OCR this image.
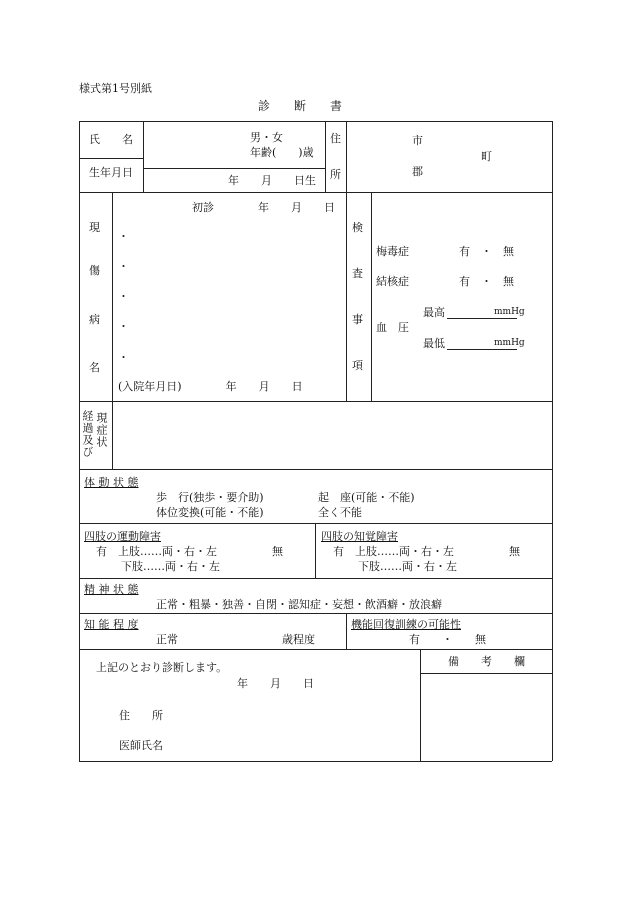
様式第1号別紙
診　　断　　書
氏　　名
生年月日
男・女
年齢(　　)歳
年　　月　　日生
住
所
市
町
郡
現
傷
病
名
初診　　　　年　　月　　日
・
・
・
・
・
(入院年月日)　　　　年　　月　　日
検
査
事
項
梅毒症	有　・　無
結核症	有　・　無
血　圧
最高	mmHg
最低	mmHg
経過及び 現症状
体 動 状 態
歩　行(独歩・要介助)	起　座(可能・不能)
体位変換(可能・不能)	全く不能
四肢の運動障害
有　上肢……両・右・左	無
下肢……両・右・左
四肢の知覚障害
有　上肢……両・右・左	無
下肢……両・右・左
精 神 状 態
正常・粗暴・独善・自閉・認知症・妄想・飲酒癖・放浪癖
知 能 程 度
正常	歳程度
機能回復訓練の可能性
有　　・　　無
上記のとおり診断します。
年　　月　　日
住　　所
医師氏名
備　　考　　欄
